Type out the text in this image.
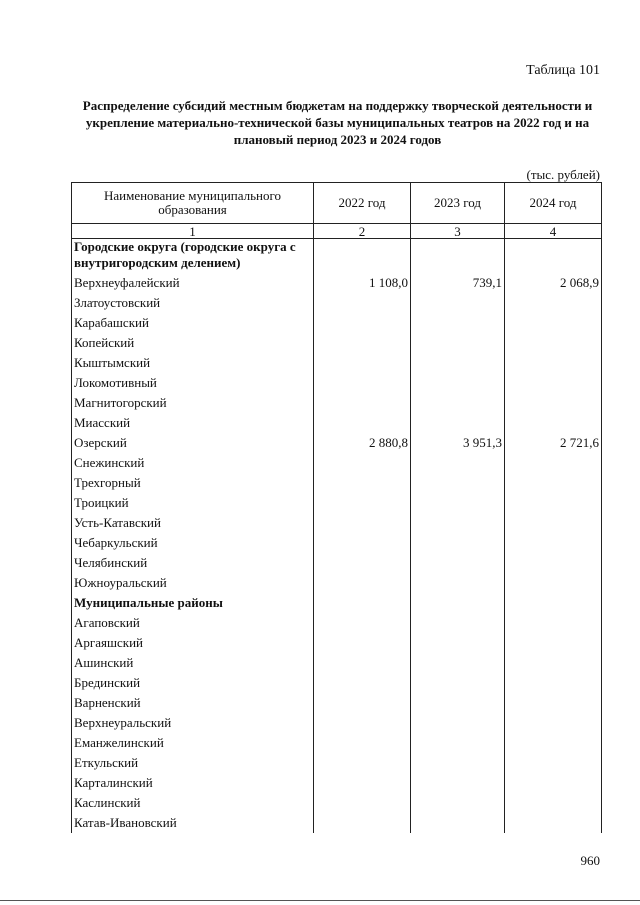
Таблица 101
Распределение субсидий местным бюджетам на поддержку творческой деятельности и укрепление материально-технической базы муниципальных театров на 2022 год и на плановый период 2023 и 2024 годов
(тыс. рублей)
Наименование муниципального образования	2022 год	2023 год	2024 год
1	2	3	4
Городские округа (городские округа с внутригородским делением)			
Верхнеуфалейский	1 108,0	739,1	2 068,9
Златоустовский			
Карабашский			
Копейский			
Кыштымский			
Локомотивный			
Магнитогорский			
Миасский			
Озерский	2 880,8	3 951,3	2 721,6
Снежинский			
Трехгорный			
Троицкий			
Усть-Катавский			
Чебаркульский			
Челябинский			
Южноуральский			
Муниципальные районы			
Агаповский			
Аргаяшский			
Ашинский			
Брединский			
Варненский			
Верхнеуральский			
Еманжелинский			
Еткульский			
Карталинский			
Каслинский			
Катав-Ивановский			
960
